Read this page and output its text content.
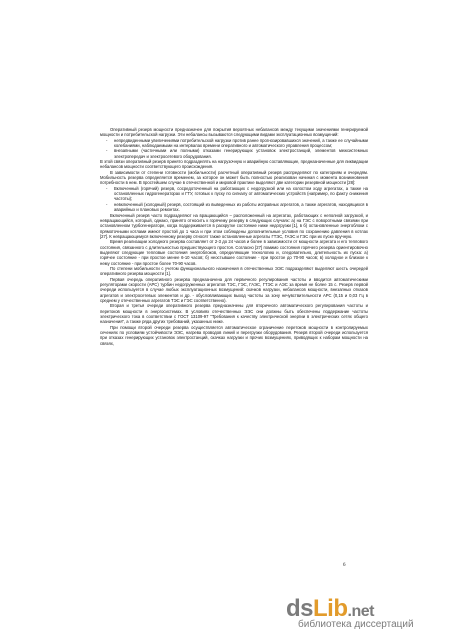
Оперативный резерв мощности предназначен для покрытия вероятных небалансов между текущими значениями генерируемой мощности и потребительской нагрузки. Эти небалансы вызываются следующими видами эксплуатационных возмущений:

- непредвиденными увеличениями потребительской нагрузки против ранее прогнозировавшихся значений, а также ее случайными колебаниями, наблюдаемыми на интервалах времени оперативного и автоматического управления процессом;

- внезапными (частичными или полными) отказами генерирующих установок электростанций, элементов межсистемных электропередач и электросетевого оборудования.

В этой связи оперативный резерв принято подразделять на нагрузочную и аварийную составляющие, предназначенные для ликвидации небалансов мощности соответствующего происхождения.

В зависимости от степени готовности (мобильности) расчетный оперативный резерв распределяют по категориям и очередям. Мобильность резерва определяется временем, за которое он может быть полностью реализован начиная с момента возникновения потребности в нем. В простейшем случае в отечественной и мировой практике выделяют две категории резервной мощности [28]:

- Включенный (горячий) резерв, сосредоточенный на работающих с недогрузкой или на холостом ходу агрегатах, а также на остановленных гидрогенераторах и ГТУ, готовых к пуску по сигналу от автоматических устройств (например, по факту снижения частоты);

- невключенный (холодный) резерв, состоящий из выведенных из работы исправных агрегатов, а также агрегатов, находящихся в аварийных и плановых ремонтах.

Включенный резерв часто подразделяют на вращающийся – расположенный на агрегатах, работающих с неполной загрузкой, и невращающийся, который, однако, принято относить к горячему резерву в следующих случаях: а) на ГЭС с поворотными связями при остановленном турбогенераторе, когда поддерживается в раскрутке состояние ниже недогрузки [1], в б) остановленные энергоблоки с прямоточными котлами имеют простой до 1 часа и при этом соблюдены дополнительные условия по сохранению давления в котлах [27]. К невращающемуся включенному резерву относят также остановленные агрегаты ГТЭС, ГАЭС и ГЭС при их пуске вручную.

Время реализации холодного резерва составляет от 2-3 до 24 часов и более в зависимости от мощности агрегата и его теплового состояния, связанного с длительностью предшествующего простоя. Согласно [27] помимо состояния горячего резерва ориентировочно выделяют следующие тепловые состояния энергоблоков, определяющие технологию и, следовательно, длительность их пуска: а) горячее состояние - при простое менее 6-10 часов; б) неостывшее состояние - при простое до 70-90 часов; в) холодное и близкое к нему состояние - при простое более 70-90 часов.

По степени мобильности с учетом функционального назначения в отечественных ЭЭС подразделяют выделяют шесть очередей оперативного резерва мощности [1].

Первая очередь оперативного резерва предназначена для первичного регулирования частоты и вводится автоматическими регуляторами скорости (АРС) турбин недогруженных агрегатов ТЭС, ГЭС, ГАЭС, ГТЭС и АЭС за время не более 15 с. Резерв первой очереди используется в случае любых эксплуатационных возмущений: скачков нагрузки, небалансов мощности, внезапных отказов агрегатов и электросетевых элементов и др. - обусловливающих выход частоты за зону нечувствительности АРС (0,15 и 0,03 Гц в среднем у отечественных агрегатов ТЭС и ГЭС соответственно).

Вторая и третья очереди оперативного резерва предназначены для вторичного автоматического регулирования частоты и перетоков мощности в энергосистемах. В условиях отечественных ЭЭС они должны быть обеспечены поддержание частоты электрического тока в соответствии с ГОСТ 13109-97 "Требования к качеству электрической энергии в электрических сетях общего назначения", а также ряда других требований, указанных ниже.

При помощи второй очереди резерва осуществляется автоматическое ограничение перетоков мощности в контролируемых сечениях по условиям устойчивости ЭЭС, нагрева проводов линий и перегрузки оборудования. Резерв второй очереди используется при отказах генерирующих установок электростанций, скачках нагрузки и прочих возмущениях, приводящих к наборам мощности на связях,

6
dsLib.net
библиотека диссертаций
